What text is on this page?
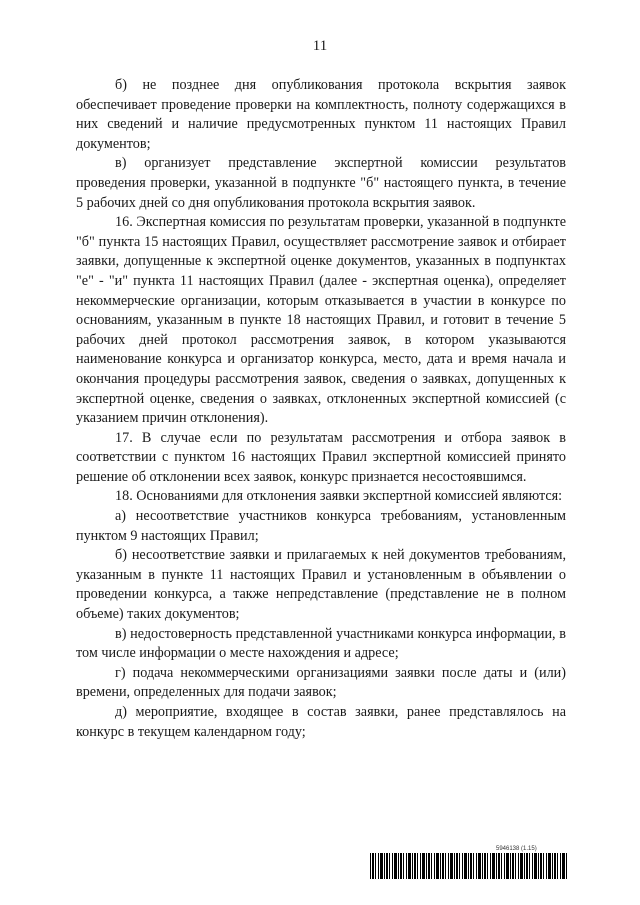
11

б) не позднее дня опубликования протокола вскрытия заявок обеспечивает проведение проверки на комплектность, полноту содержащихся в них сведений и наличие предусмотренных пунктом 11 настоящих Правил документов;

в) организует представление экспертной комиссии результатов проведения проверки, указанной в подпункте "б" настоящего пункта, в течение 5 рабочих дней со дня опубликования протокола вскрытия заявок.

16. Экспертная комиссия по результатам проверки, указанной в подпункте "б" пункта 15 настоящих Правил, осуществляет рассмотрение заявок и отбирает заявки, допущенные к экспертной оценке документов, указанных в подпунктах "е" - "и" пункта 11 настоящих Правил (далее - экспертная оценка), определяет некоммерческие организации, которым отказывается в участии в конкурсе по основаниям, указанным в пункте 18 настоящих Правил, и готовит в течение 5 рабочих дней протокол рассмотрения заявок, в котором указываются наименование конкурса и организатор конкурса, место, дата и время начала и окончания процедуры рассмотрения заявок, сведения о заявках, допущенных к экспертной оценке, сведения о заявках, отклоненных экспертной комиссией (с указанием причин отклонения).

17. В случае если по результатам рассмотрения и отбора заявок в соответствии с пунктом 16 настоящих Правил экспертной комиссией принято решение об отклонении всех заявок, конкурс признается несостоявшимся.

18. Основаниями для отклонения заявки экспертной комиссией являются:

а) несоответствие участников конкурса требованиям, установленным пунктом 9 настоящих Правил;

б) несоответствие заявки и прилагаемых к ней документов требованиям, указанным в пункте 11 настоящих Правил и установленным в объявлении о проведении конкурса, а также непредставление (представление не в полном объеме) таких документов;

в) недостоверность представленной участниками конкурса информации, в том числе информации о месте нахождения и адресе;

г) подача некоммерческими организациями заявки после даты и (или) времени, определенных для подачи заявок;

д) мероприятие, входящее в состав заявки, ранее представлялось на конкурс в текущем календарном году;

5946138 (1.15)
